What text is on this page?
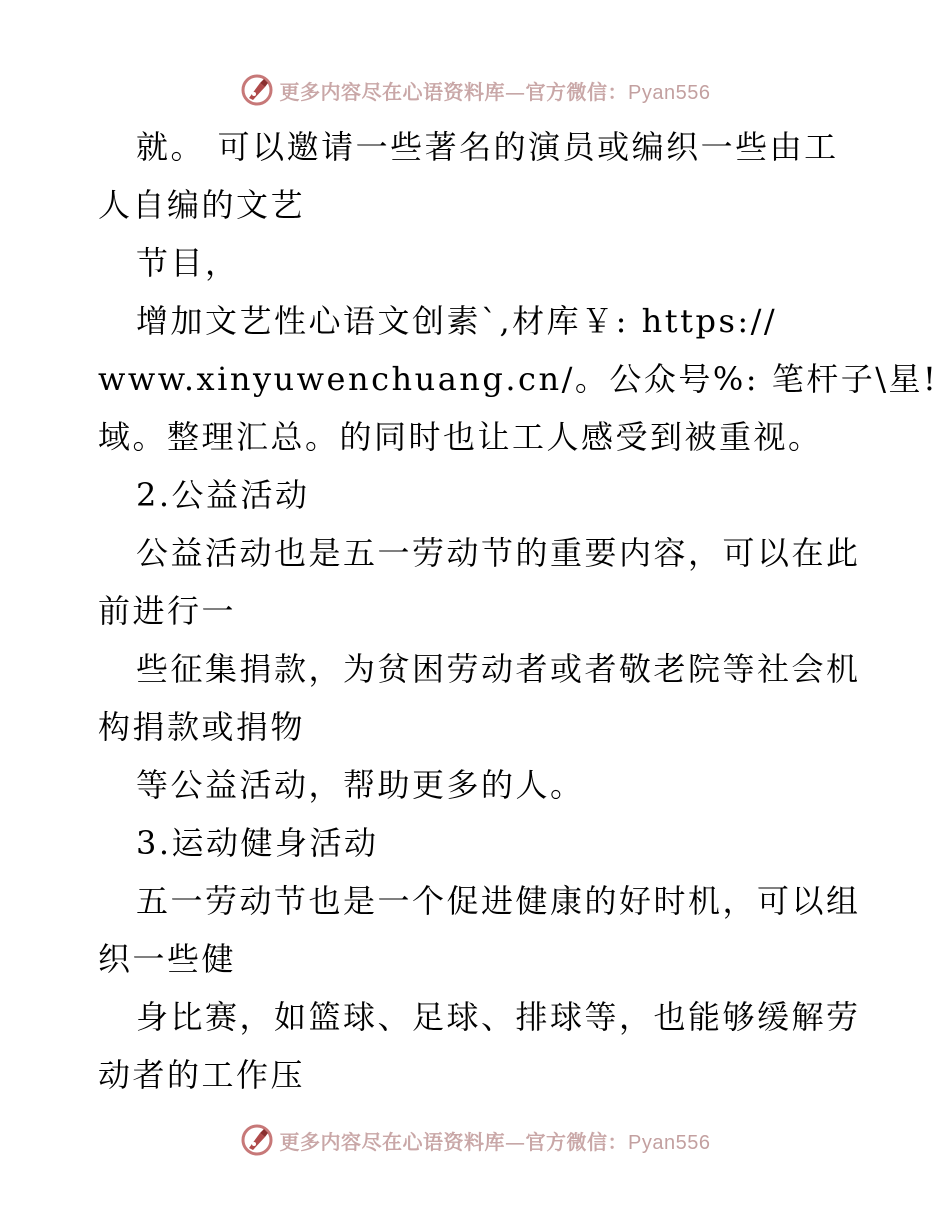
更多内容尽在心语资料库—官方微信：Pyan556
就。 可以邀请一些著名的演员或编织一些由工
人自编的文艺
节目，
增加文艺性心语文创素`,材库￥: https://
www.xinyuwenchuang.cn/。公众号%: 笔杆子\星!
域。整理汇总。的同时也让工人感受到被重视。
2.公益活动
公益活动也是五一劳动节的重要内容，可以在此
前进行一
些征集捐款，为贫困劳动者或者敬老院等社会机
构捐款或捐物
等公益活动，帮助更多的人。
3.运动健身活动
五一劳动节也是一个促进健康的好时机，可以组
织一些健
身比赛，如篮球、足球、排球等，也能够缓解劳
动者的工作压
更多内容尽在心语资料库—官方微信：Pyan556
